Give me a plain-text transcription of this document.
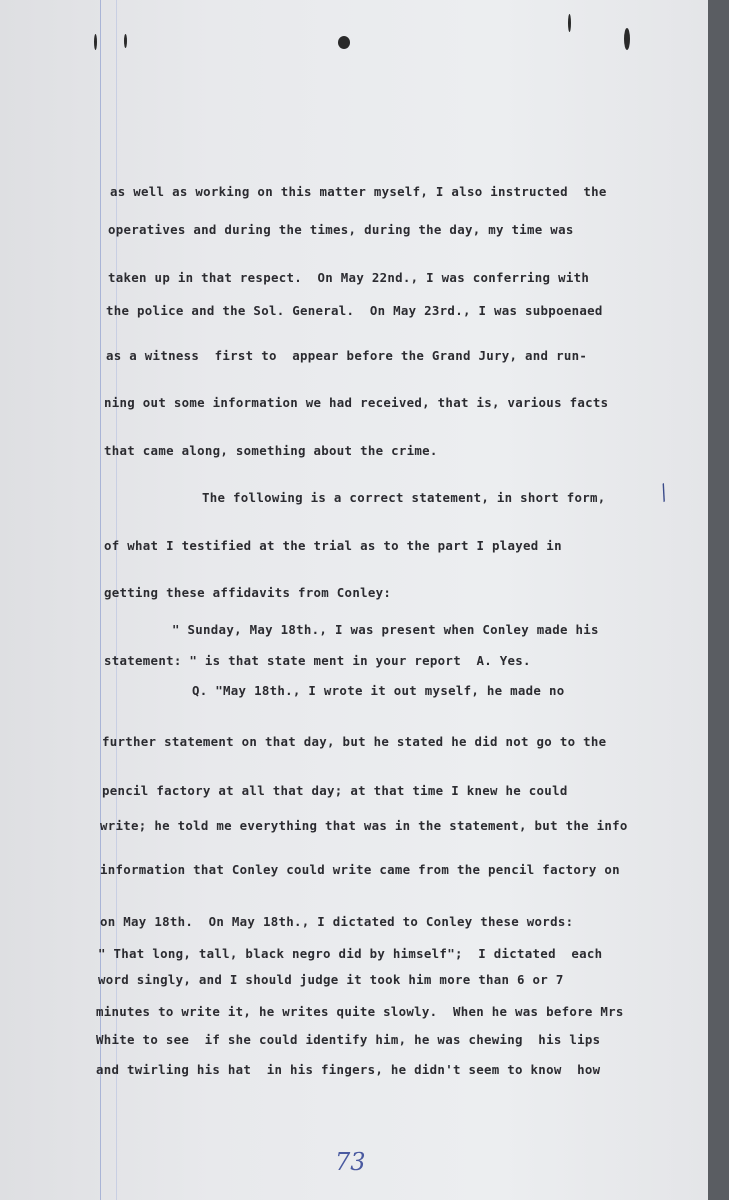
as well as working on this matter myself, I also instructed  the
operatives and during the times, during the day, my time was
taken up in that respect.  On May 22nd., I was conferring with
the police and the Sol. General.  On May 23rd., I was subpoenaed
as a witness  first to  appear before the Grand Jury, and run-
ning out some information we had received, that is, various facts
that came along, something about the crime.
The following is a correct statement, in short form,
of what I testified at the trial as to the part I played in
getting these affidavits from Conley:
" Sunday, May 18th., I was present when Conley made his
statement: " is that state ment in your report  A. Yes.
Q. "May 18th., I wrote it out myself, he made no
further statement on that day, but he stated he did not go to the
pencil factory at all that day; at that time I knew he could
write; he told me everything that was in the statement, but the info
information that Conley could write came from the pencil factory on
on May 18th.  On May 18th., I dictated to Conley these words:
" That long, tall, black negro did by himself";  I dictated  each
word singly, and I should judge it took him more than 6 or 7
minutes to write it, he writes quite slowly.  When he was before Mrs
White to see  if she could identify him, he was chewing  his lips
and twirling his hat  in his fingers, he didn't seem to know  how
/
73
